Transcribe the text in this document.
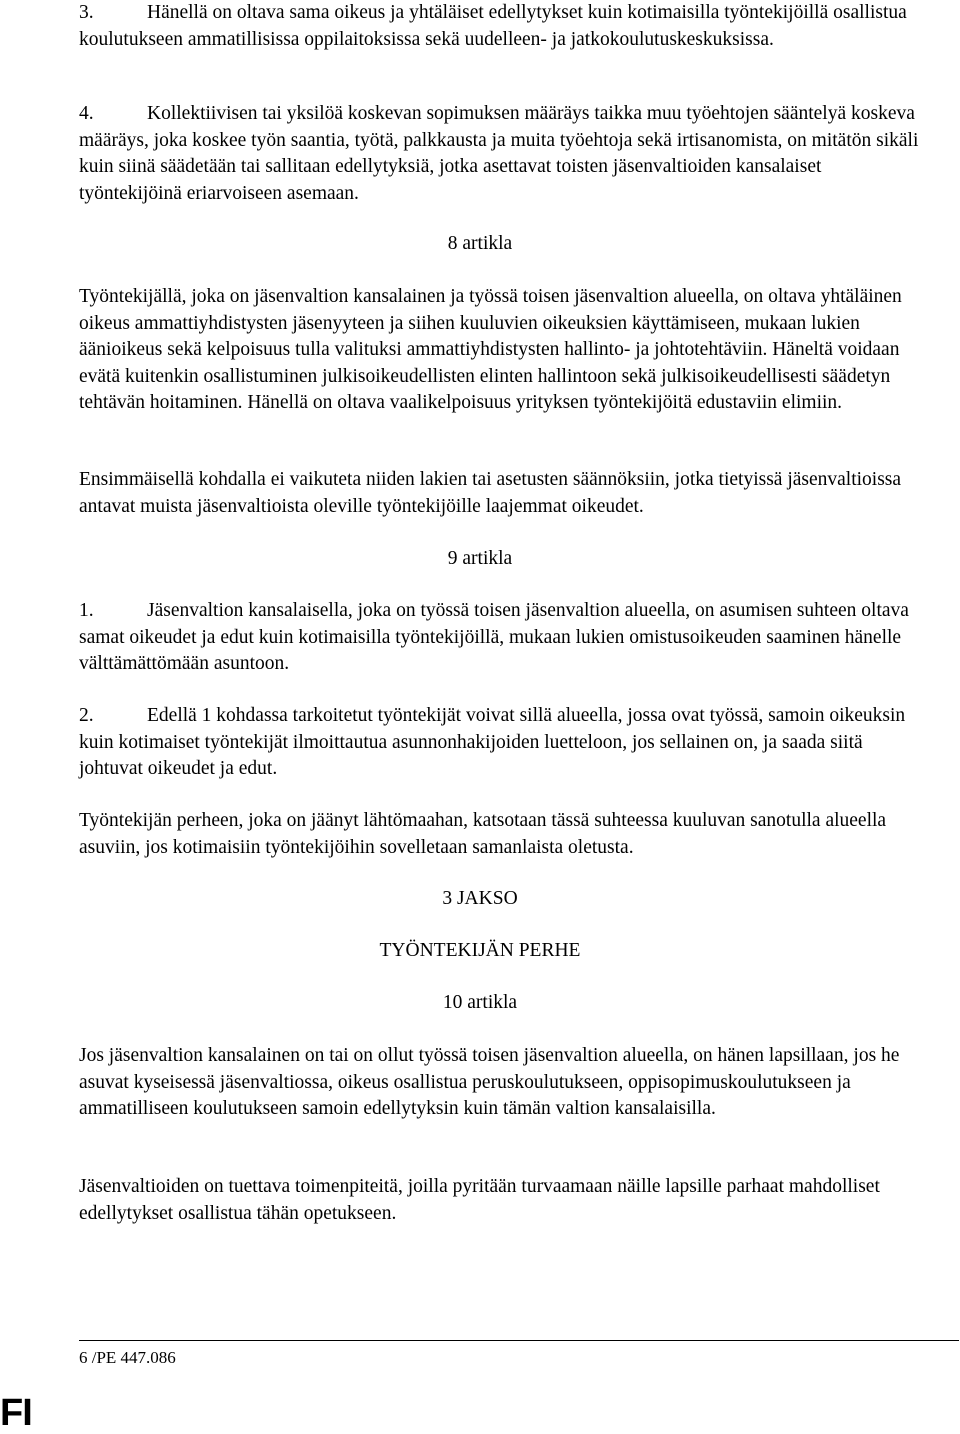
3.	Hänellä on oltava sama oikeus ja yhtäläiset edellytykset kuin kotimaisilla työntekijöillä osallistua koulutukseen ammatillisissa oppilaitoksissa sekä uudelleen- ja jatkokoulutuskeskuksissa.

4.	Kollektiivisen tai yksilöä koskevan sopimuksen määräys taikka muu työehtojen sääntelyä koskeva määräys, joka koskee työn saantia, työtä, palkkausta ja muita työehtoja sekä irtisanomista, on mitätön sikäli kuin siinä säädetään tai sallitaan edellytyksiä, jotka asettavat toisten jäsenvaltioiden kansalaiset työntekijöinä eriarvoiseen asemaan.

8 artikla

Työntekijällä, joka on jäsenvaltion kansalainen ja työssä toisen jäsenvaltion alueella, on oltava yhtäläinen oikeus ammattiyhdistysten jäsenyyteen ja siihen kuuluvien oikeuksien käyttämiseen, mukaan lukien äänioikeus sekä kelpoisuus tulla valituksi ammattiyhdistysten hallinto- ja johtotehtäviin. Häneltä voidaan evätä kuitenkin osallistuminen julkisoikeudellisten elinten hallintoon sekä julkisoikeudellisesti säädetyn tehtävän hoitaminen. Hänellä on oltava vaalikelpoisuus yrityksen työntekijöitä edustaviin elimiin.

Ensimmäisellä kohdalla ei vaikuteta niiden lakien tai asetusten säännöksiin, jotka tietyissä jäsenvaltioissa antavat muista jäsenvaltioista oleville työntekijöille laajemmat oikeudet.

9 artikla

1.	Jäsenvaltion kansalaisella, joka on työssä toisen jäsenvaltion alueella, on asumisen suhteen oltava samat oikeudet ja edut kuin kotimaisilla työntekijöillä, mukaan lukien omistusoikeuden saaminen hänelle välttämättömään asuntoon.

2.	Edellä 1 kohdassa tarkoitetut työntekijät voivat sillä alueella, jossa ovat työssä, samoin oikeuksin kuin kotimaiset työntekijät ilmoittautua asunnonhakijoiden luetteloon, jos sellainen on, ja saada siitä johtuvat oikeudet ja edut.

Työntekijän perheen, joka on jäänyt lähtömaahan, katsotaan tässä suhteessa kuuluvan sanotulla alueella asuviin, jos kotimaisiin työntekijöihin sovelletaan samanlaista oletusta.

3 JAKSO

TYÖNTEKIJÄN PERHE

10 artikla

Jos jäsenvaltion kansalainen on tai on ollut työssä toisen jäsenvaltion alueella, on hänen lapsillaan, jos he asuvat kyseisessä jäsenvaltiossa, oikeus osallistua peruskoulutukseen, oppisopimuskoulutukseen ja ammatilliseen koulutukseen samoin edellytyksin kuin tämän valtion kansalaisilla.

Jäsenvaltioiden on tuettava toimenpiteitä, joilla pyritään turvaamaan näille lapsille parhaat mahdolliset edellytykset osallistua tähän opetukseen.

6 /PE 447.086
FI
